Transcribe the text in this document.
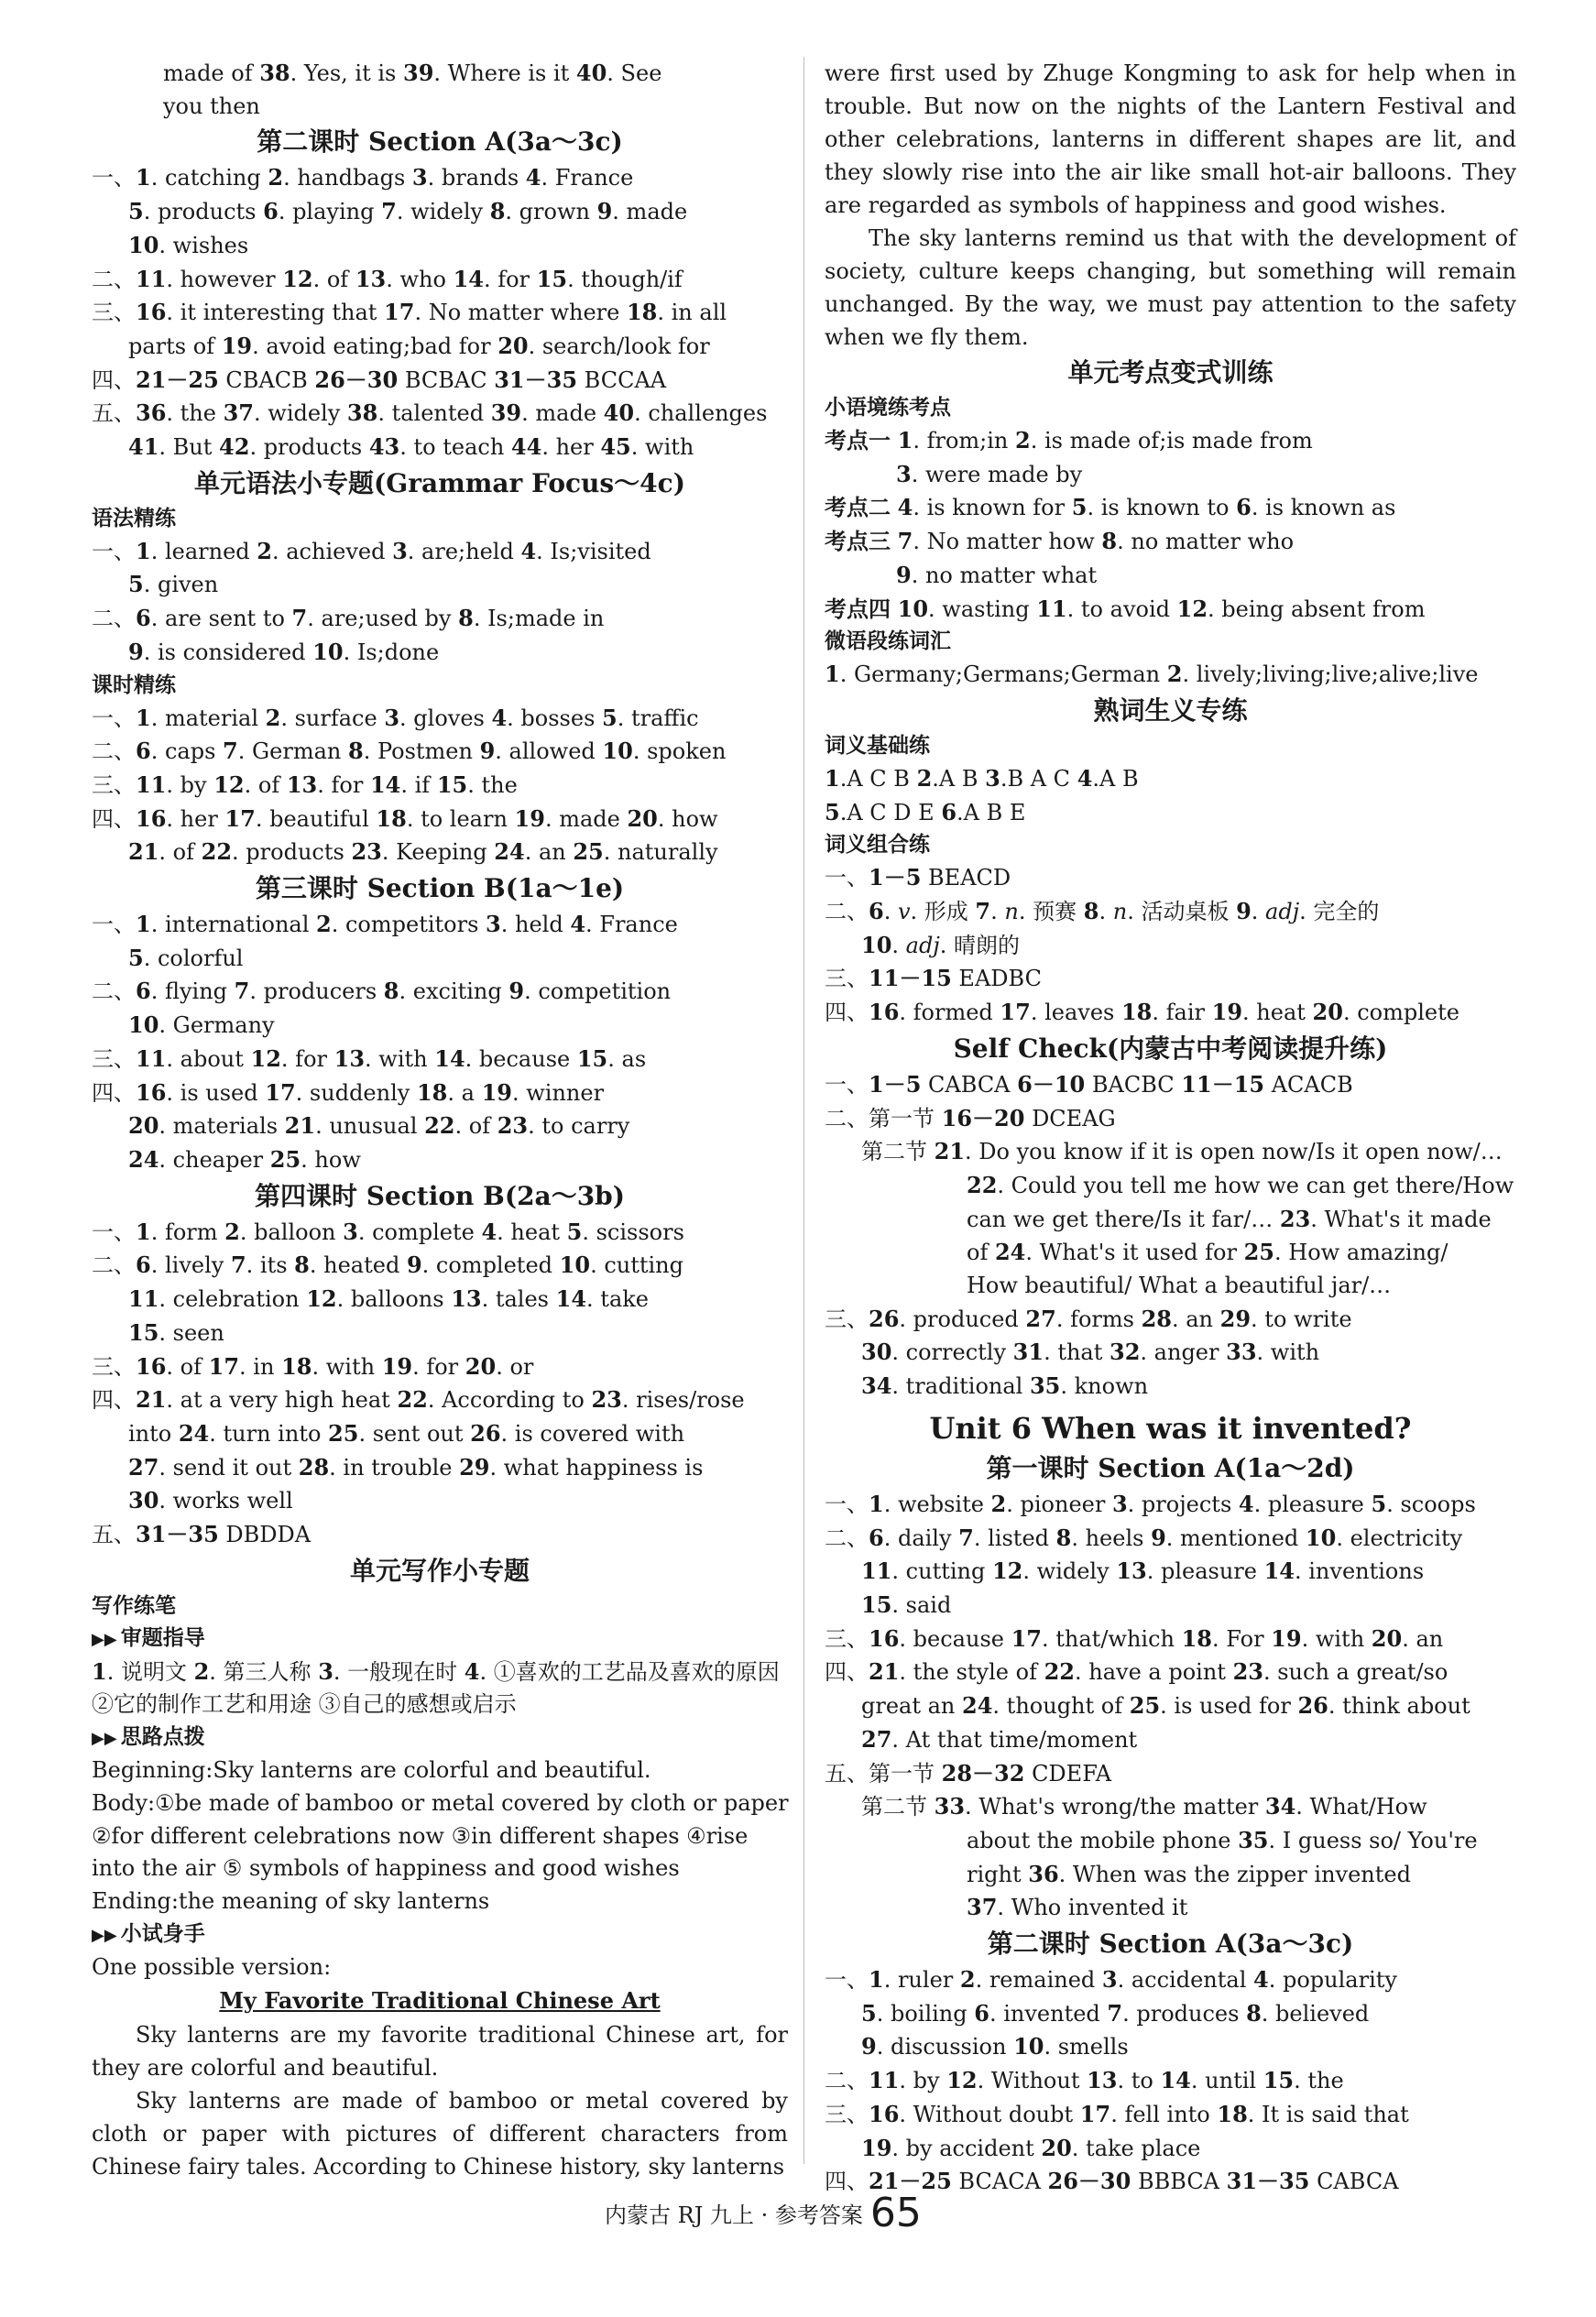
made of 38. Yes, it is 39. Where is it 40. See
you then
第二课时 Section A(3a～3c)
一、1. catching 2. handbags 3. brands 4. France
5. products 6. playing 7. widely 8. grown 9. made
10. wishes
二、11. however 12. of 13. who 14. for 15. though/if
三、16. it interesting that 17. No matter where 18. in all
parts of 19. avoid eating;bad for 20. search/look for
四、21－25 CBACB 26－30 BCBAC 31－35 BCCAA
五、36. the 37. widely 38. talented 39. made 40. challenges
41. But 42. products 43. to teach 44. her 45. with
单元语法小专题(Grammar Focus～4c)
语法精练
一、1. learned 2. achieved 3. are;held 4. Is;visited
5. given
二、6. are sent to 7. are;used by 8. Is;made in
9. is considered 10. Is;done
课时精练
一、1. material 2. surface 3. gloves 4. bosses 5. traffic
二、6. caps 7. German 8. Postmen 9. allowed 10. spoken
三、11. by 12. of 13. for 14. if 15. the
四、16. her 17. beautiful 18. to learn 19. made 20. how
21. of 22. products 23. Keeping 24. an 25. naturally
第三课时 Section B(1a～1e)
一、1. international 2. competitors 3. held 4. France
5. colorful
二、6. flying 7. producers 8. exciting 9. competition
10. Germany
三、11. about 12. for 13. with 14. because 15. as
四、16. is used 17. suddenly 18. a 19. winner
20. materials 21. unusual 22. of 23. to carry
24. cheaper 25. how
第四课时 Section B(2a～3b)
一、1. form 2. balloon 3. complete 4. heat 5. scissors
二、6. lively 7. its 8. heated 9. completed 10. cutting
11. celebration 12. balloons 13. tales 14. take
15. seen
三、16. of 17. in 18. with 19. for 20. or
四、21. at a very high heat 22. According to 23. rises/rose
into 24. turn into 25. sent out 26. is covered with
27. send it out 28. in trouble 29. what happiness is
30. works well
五、31－35 DBDDA
单元写作小专题
写作练笔
▶▶ 审题指导
1. 说明文 2. 第三人称 3. 一般现在时 4. ①喜欢的工艺品及喜欢的原因 ②它的制作工艺和用途 ③自己的感想或启示
▶▶ 思路点拨
Beginning:Sky lanterns are colorful and beautiful.
Body:①be made of bamboo or metal covered by cloth or paper
②for different celebrations now ③in different shapes ④rise
into the air ⑤ symbols of happiness and good wishes
Ending:the meaning of sky lanterns
▶▶ 小试身手
One possible version:
My Favorite Traditional Chinese Art
Sky lanterns are my favorite traditional Chinese art, for they are colorful and beautiful.
Sky lanterns are made of bamboo or metal covered by cloth or paper with pictures of different characters from Chinese fairy tales. According to Chinese history, sky lanterns
were first used by Zhuge Kongming to ask for help when in trouble. But now on the nights of the Lantern Festival and other celebrations, lanterns in different shapes are lit, and they slowly rise into the air like small hot-air balloons. They are regarded as symbols of happiness and good wishes.
The sky lanterns remind us that with the development of society, culture keeps changing, but something will remain unchanged. By the way, we must pay attention to the safety when we fly them.
单元考点变式训练
小语境练考点
考点一 1. from;in 2. is made of;is made from
3. were made by
考点二 4. is known for 5. is known to 6. is known as
考点三 7. No matter how 8. no matter who
9. no matter what
考点四 10. wasting 11. to avoid 12. being absent from
微语段练词汇
1. Germany;Germans;German 2. lively;living;live;alive;live
熟词生义专练
词义基础练
1.A C B 2.A B 3.B A C 4.A B
5.A C D E 6.A B E
词义组合练
一、1－5 BEACD
二、6. v. 形成 7. n. 预赛 8. n. 活动桌板 9. adj. 完全的
10. adj. 晴朗的
三、11－15 EADBC
四、16. formed 17. leaves 18. fair 19. heat 20. complete
Self Check(内蒙古中考阅读提升练)
一、1－5 CABCA 6－10 BACBC 11－15 ACACB
二、第一节 16－20 DCEAG
第二节 21. Do you know if it is open now/Is it open now/…
22. Could you tell me how we can get there/How
can we get there/Is it far/… 23. What's it made
of 24. What's it used for 25. How amazing/
How beautiful/ What a beautiful jar/…
三、26. produced 27. forms 28. an 29. to write
30. correctly 31. that 32. anger 33. with
34. traditional 35. known
Unit 6 When was it invented?
第一课时 Section A(1a～2d)
一、1. website 2. pioneer 3. projects 4. pleasure 5. scoops
二、6. daily 7. listed 8. heels 9. mentioned 10. electricity
11. cutting 12. widely 13. pleasure 14. inventions
15. said
三、16. because 17. that/which 18. For 19. with 20. an
四、21. the style of 22. have a point 23. such a great/so
great an 24. thought of 25. is used for 26. think about
27. At that time/moment
五、第一节 28－32 CDEFA
第二节 33. What's wrong/the matter 34. What/How
about the mobile phone 35. I guess so/ You're
right 36. When was the zipper invented
37. Who invented it
第二课时 Section A(3a～3c)
一、1. ruler 2. remained 3. accidental 4. popularity
5. boiling 6. invented 7. produces 8. believed
9. discussion 10. smells
二、11. by 12. Without 13. to 14. until 15. the
三、16. Without doubt 17. fell into 18. It is said that
19. by accident 20. take place
四、21－25 BCACA 26－30 BBBCA 31－35 CABCA
内蒙古 RJ 九上 · 参考答案 65
